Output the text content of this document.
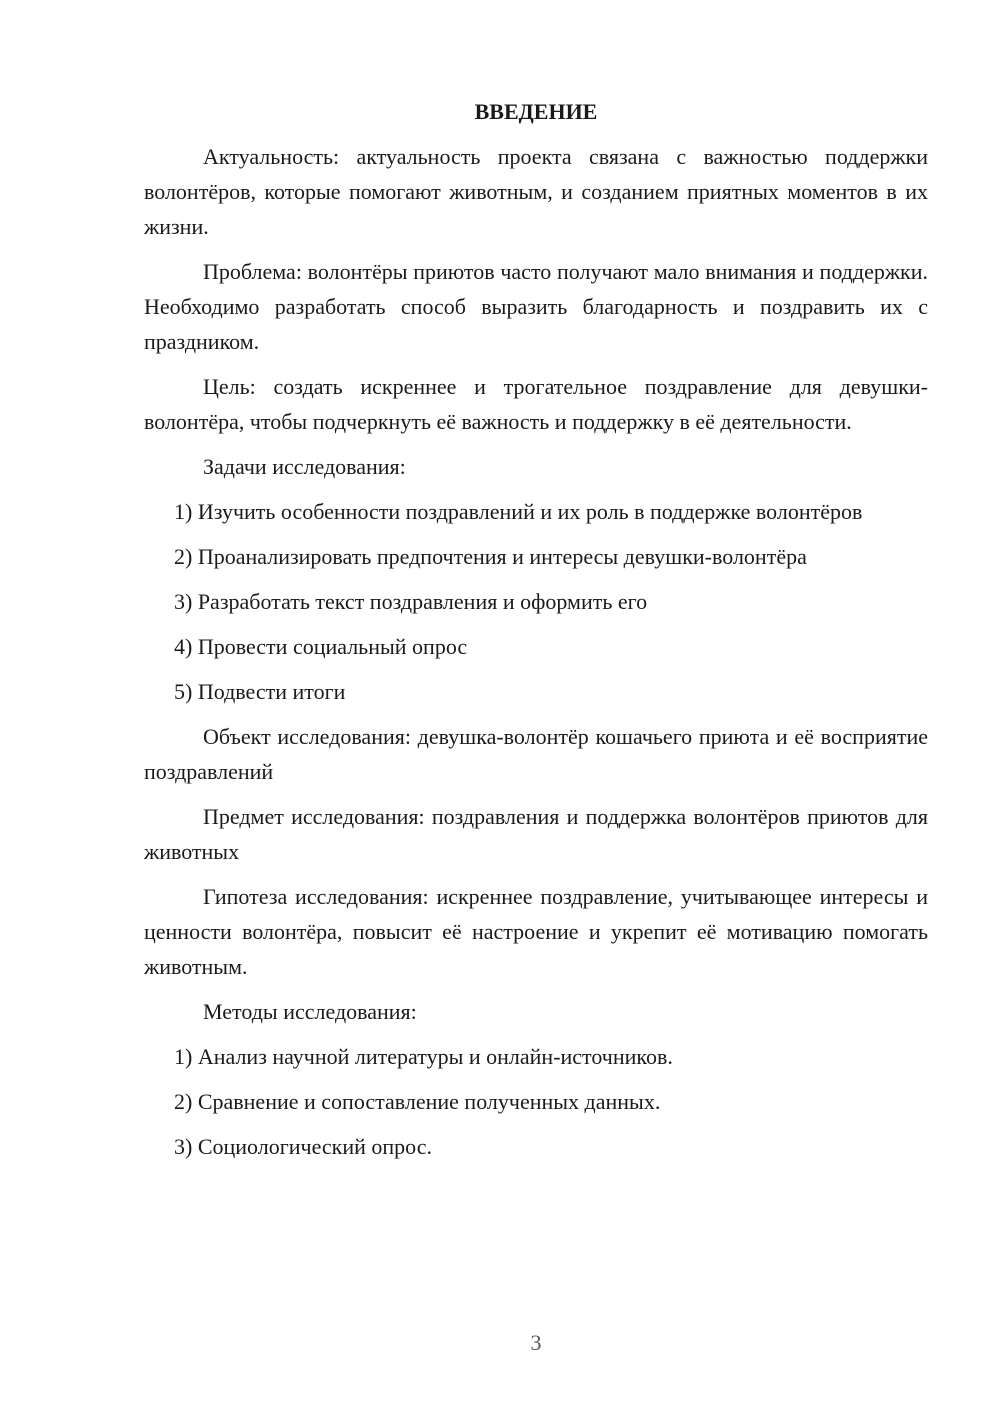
ВВЕДЕНИЕ
Актуальность: актуальность проекта связана с важностью поддержки волонтёров, которые помогают животным, и созданием приятных моментов в их жизни.
Проблема: волонтёры приютов часто получают мало внимания и поддержки. Необходимо разработать способ выразить благодарность и поздравить их с праздником.
Цель: создать искреннее и трогательное поздравление для девушки-волонтёра, чтобы подчеркнуть её важность и поддержку в её деятельности.
Задачи исследования:
1) Изучить особенности поздравлений и их роль в поддержке волонтёров
2) Проанализировать предпочтения и интересы девушки-волонтёра
3) Разработать текст поздравления и оформить его
4) Провести социальный опрос
5) Подвести итоги
Объект исследования: девушка-волонтёр кошачьего приюта и её восприятие поздравлений
Предмет исследования: поздравления и поддержка волонтёров приютов для животных
Гипотеза исследования: искреннее поздравление, учитывающее интересы и ценности волонтёра, повысит её настроение и укрепит её мотивацию помогать животным.
Методы исследования:
1) Анализ научной литературы и онлайн-источников.
2) Сравнение и сопоставление полученных данных.
3) Социологический опрос.
3
